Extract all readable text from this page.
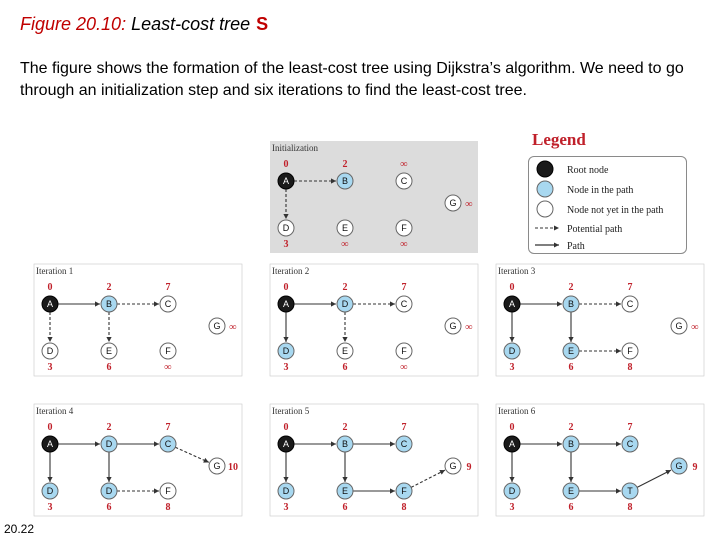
Figure 20.10: Least-cost tree S

The figure shows the formation of the least-cost tree using Dijkstra’s algorithm. We need to go through an initialization step and six iterations to find the least-cost tree.

Legend
Root node
Node in the path
Node not yet in the path
Potential path
Path
Initialization
A
0
B
2
C
∞
D
3
E
∞
F
∞
G ∞
Iteration 1
A
0
B
2
C
7
D
3
E
6
F
∞
G ∞
Iteration 2
A
0
D
2
C
7
D
3
E
6
F
∞
G ∞
Iteration 3
A
0
B
2
C
7
D
3
E
6
F
8
G ∞
Iteration 4
A
0
D
2
C
7
D
3
D
6
F
8
G 10
Iteration 5
A
0
B
2
C
7
D
3
E
6
F
8
G 9
Iteration 6
A
0
B
2
C
7
D
3
E
6
T
8
G 9
20.22
